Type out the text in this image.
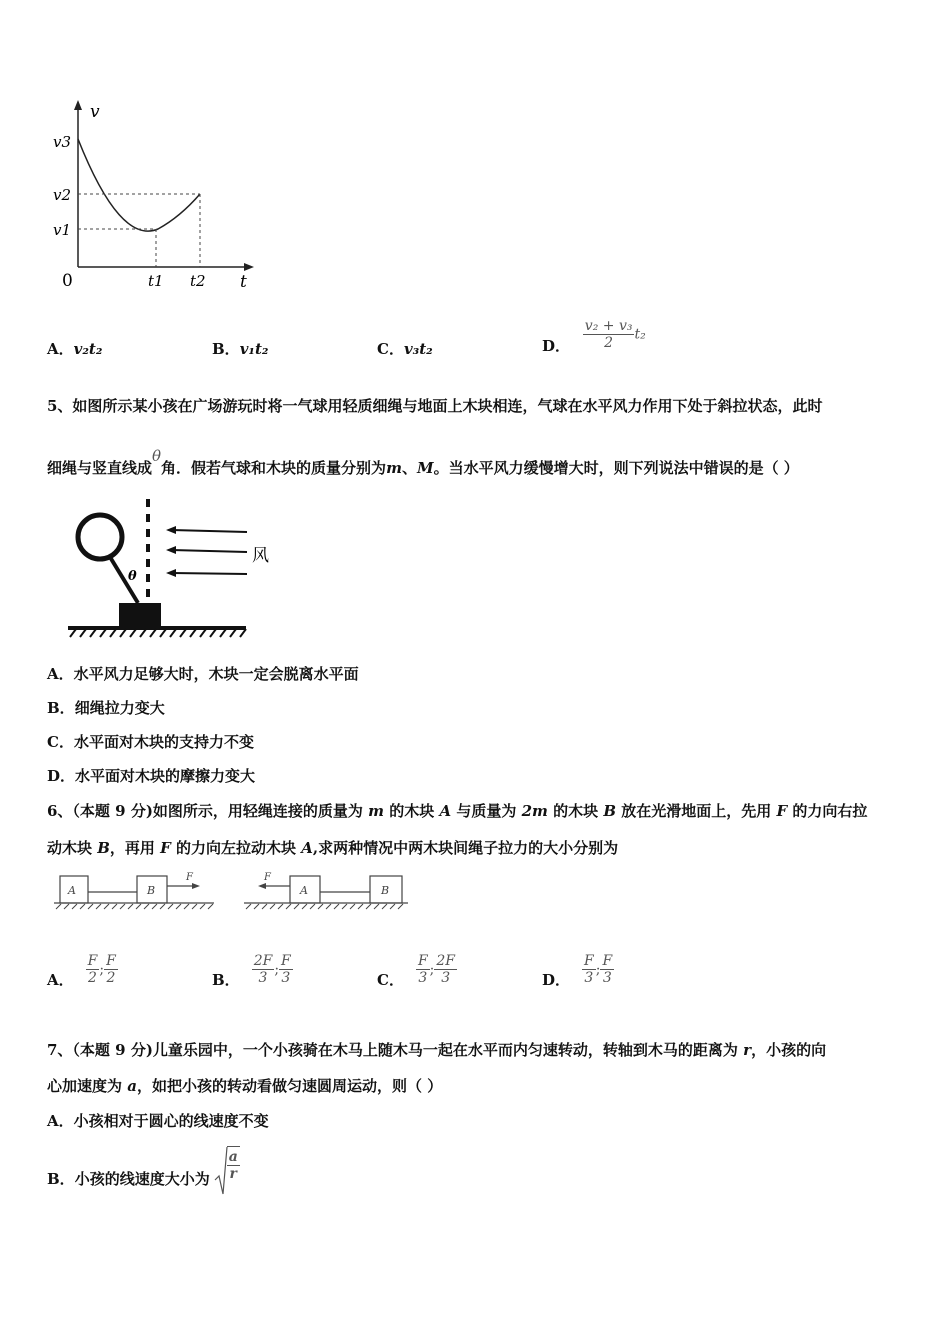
v
t
0
v3
v2
v1
t1 t2
A．v₂t₂	B．v₁t₂	C．v₃t₂	D． $\frac{\text{v₂ + v₃}}{2} t_2$
5、如图所示某小孩在广场游玩时将一气球用轻质细绳与地面上木块相连，气球在水平风力作用下处于斜拉状态，此时
细绳与竖直线成θ角．假若气球和木块的质量分别为m、M。当水平风力缓慢增大时，则下列说法中错误的是（ ）
θ
风
A．水平风力足够大时，木块一定会脱离水平面
B．细绳拉力变大
C．水平面对木块的支持力不变
D．水平面对木块的摩擦力变大
6、（本题 9 分)如图所示，用轻绳连接的质量为 m 的木块 A 与质量为 2m 的木块 B 放在光滑地面上，先用 F 的力向右拉
动木块 B，再用 F 的力向左拉动木块 A,求两种情况中两木块间绳子拉力的大小分别为
A	B
F	F
A	B
A． $\frac{F}{2}$ ; $\frac{F}{2}$	B． $\frac{2F}{3}$ ; $\frac{F}{3}$	C． $\frac{F}{3}$ ; $\frac{2F}{3}$	D． $\frac{F}{3}$ ; $\frac{F}{3}$
7、（本题 9 分)儿童乐园中，一个小孩骑在木马上随木马一起在水平而内匀速转动，转轴到木马的距离为 r，小孩的向
心加速度为 a，如把小孩的转动看做匀速圆周运动，则（ ）
A．小孩相对于圆心的线速度不变
B．小孩的线速度大小为 $\frac{a}{r}$
